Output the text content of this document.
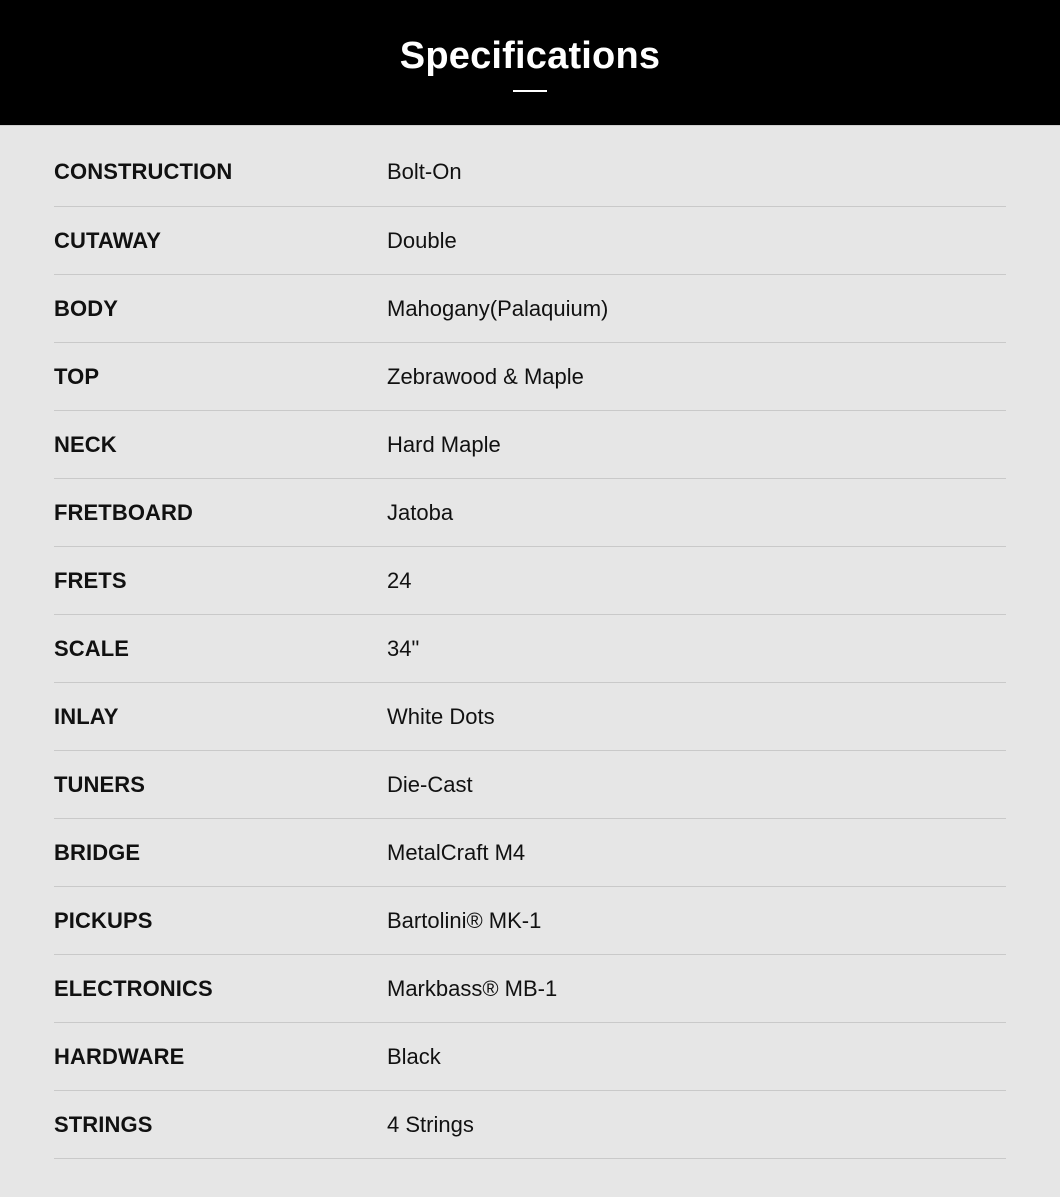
Specifications
CONSTRUCTION	Bolt-On
CUTAWAY	Double
BODY	Mahogany(Palaquium)
TOP	Zebrawood & Maple
NECK	Hard Maple
FRETBOARD	Jatoba
FRETS	24
SCALE	34"
INLAY	White Dots
TUNERS	Die-Cast
BRIDGE	MetalCraft M4
PICKUPS	Bartolini® MK-1
ELECTRONICS	Markbass® MB-1
HARDWARE	Black
STRINGS	4 Strings
